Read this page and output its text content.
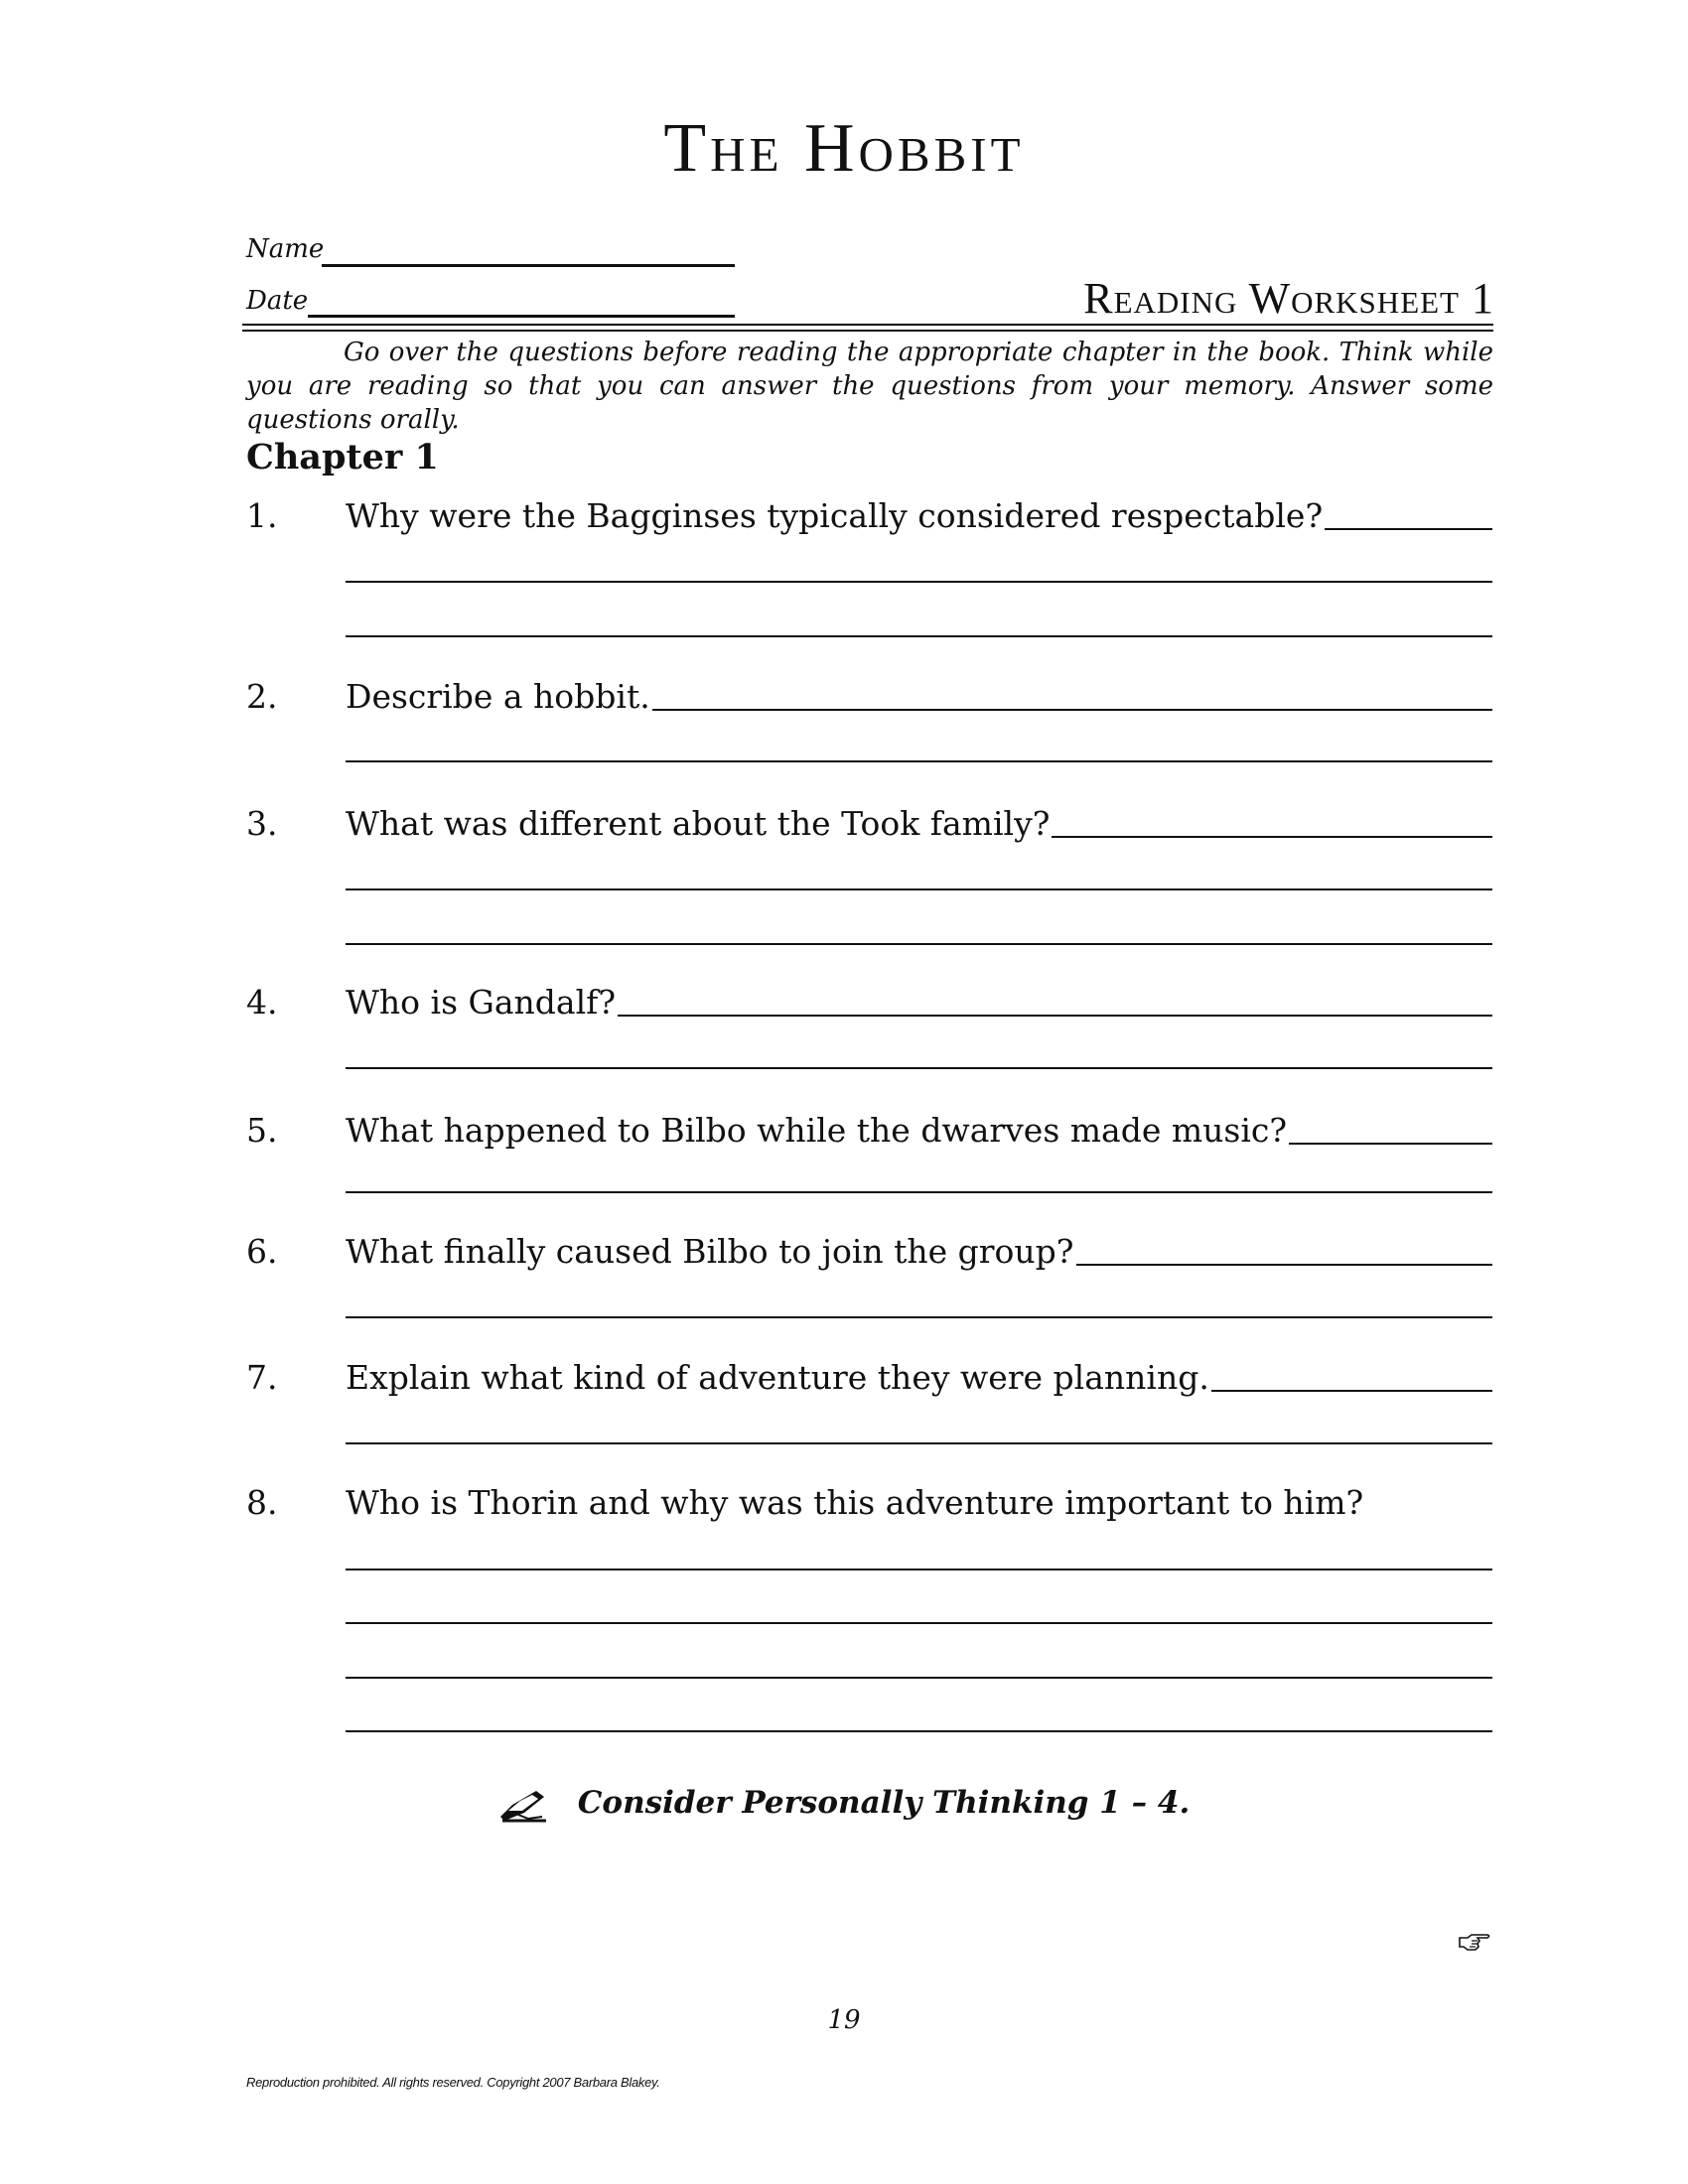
The Hobbit
Name
Date	Reading Worksheet 1
Go over the questions before reading the appropriate chapter in the book. Think while you are reading so that you can answer the questions from your memory. Answer some questions orally.
Chapter 1
1. Why were the Bagginses typically considered respectable?
2. Describe a hobbit.
3. What was different about the Took family?
4. Who is Gandalf?
5. What happened to Bilbo while the dwarves made music?
6. What finally caused Bilbo to join the group?
7. Explain what kind of adventure they were planning.
8. Who is Thorin and why was this adventure important to him?
Consider Personally Thinking 1 – 4.
19
Reproduction prohibited. All rights reserved. Copyright 2007 Barbara Blakey.
